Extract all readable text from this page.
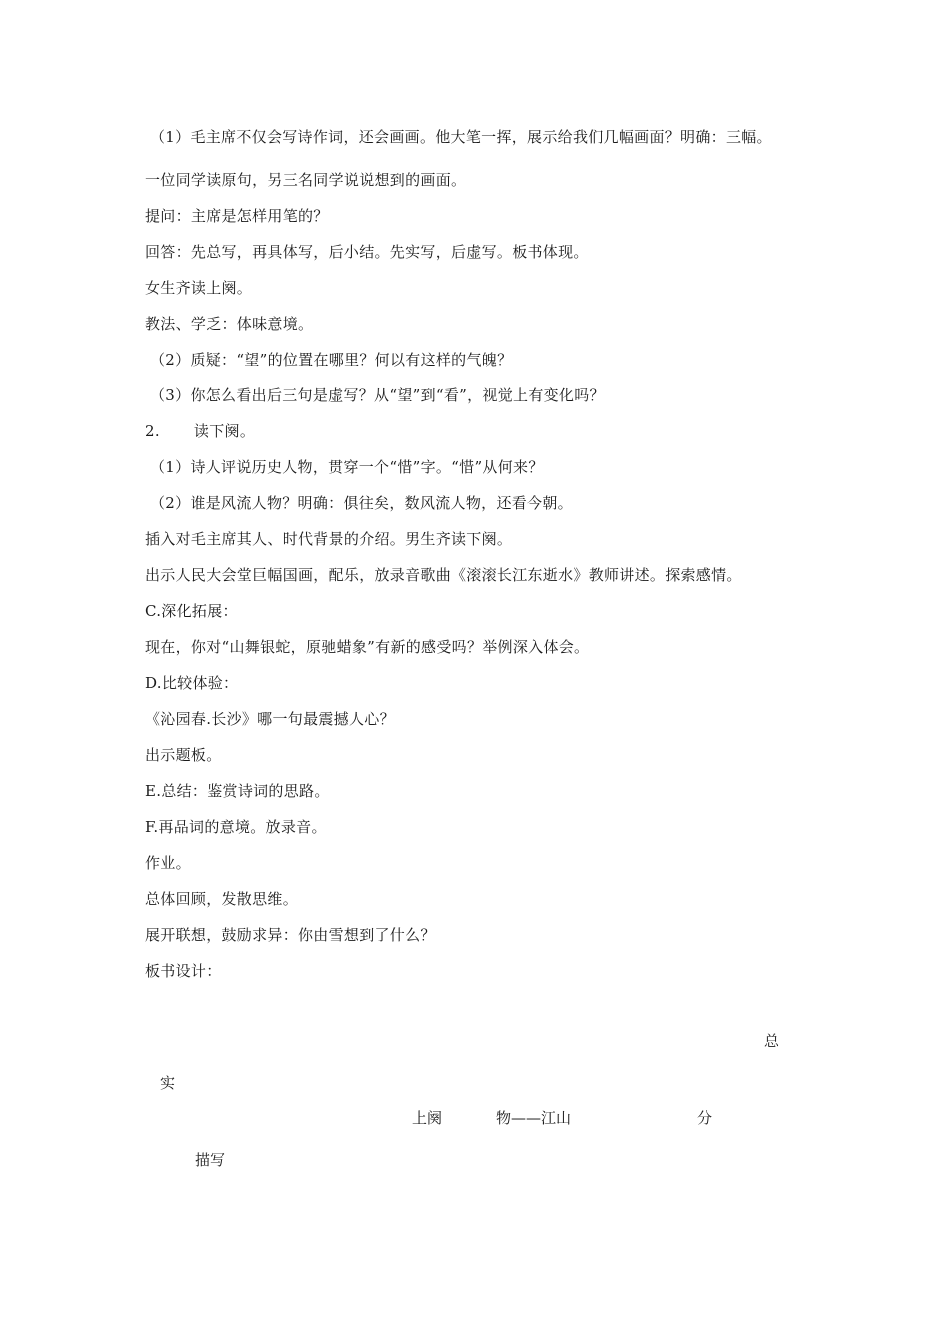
（1）毛主席不仅会写诗作词，还会画画。他大笔一挥，展示给我们几幅画面？明确：三幅。
一位同学读原句，另三名同学说说想到的画面。
提问：主席是怎样用笔的？
回答：先总写，再具体写，后小结。先实写，后虚写。板书体现。
女生齐读上阕。
教法、学乏：体味意境。
（2）质疑：“望”的位置在哪里？何以有这样的气魄？
（3）你怎么看出后三句是虚写？从“望”到“看”，视觉上有变化吗？
2. 读下阕。
（1）诗人评说历史人物，贯穿一个“惜”字。“惜”从何来？
（2）谁是风流人物？明确：俱往矣，数风流人物，还看今朝。
插入对毛主席其人、时代背景的介绍。男生齐读下阕。
出示人民大会堂巨幅国画，配乐，放录音歌曲《滚滚长江东逝水》教师讲述。探索感情。
C.深化拓展：
现在，你对“山舞银蛇，原驰蜡象”有新的感受吗？举例深入体会。
D.比较体验：
《沁园春.长沙》哪一句最震撼人心？
出示题板。
E.总结：鉴赏诗词的思路。
F.再品词的意境。放录音。
作业。
总体回顾，发散思维。
展开联想，鼓励求异：你由雪想到了什么？
板书设计：
总
实
上阕	物——江山	分
描写
